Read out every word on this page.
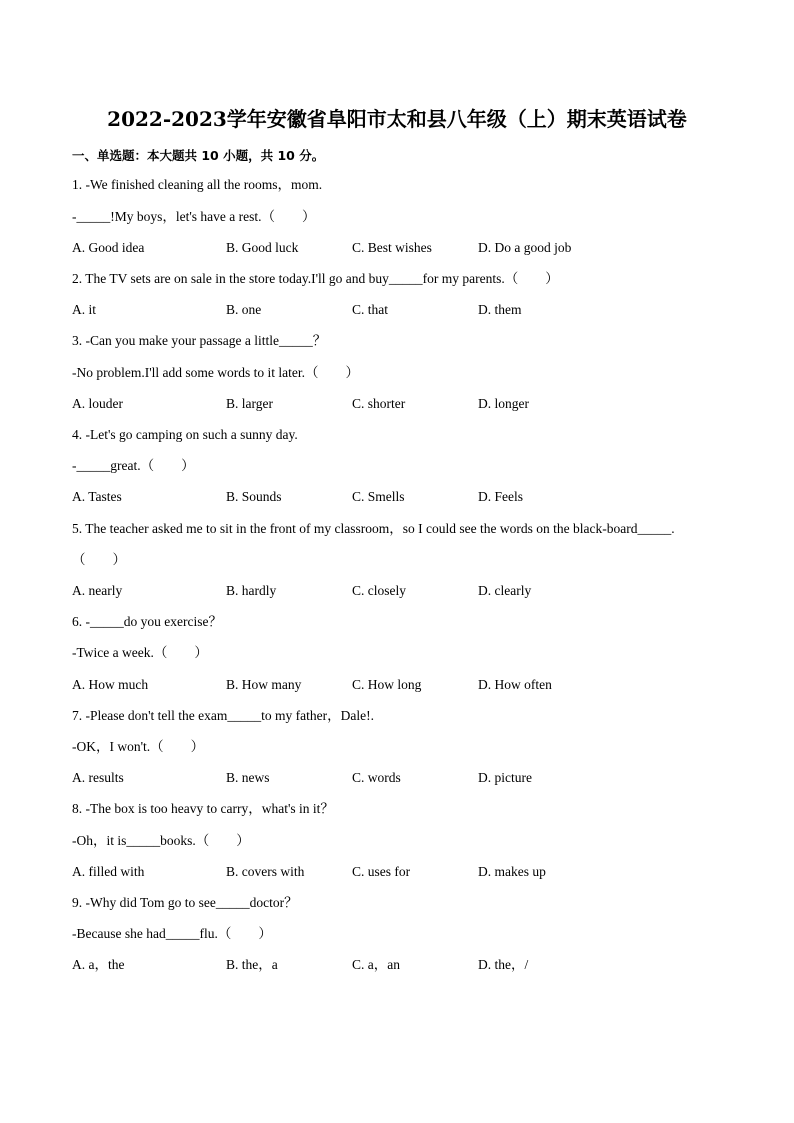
2022-2023学年安徽省阜阳市太和县八年级（上）期末英语试卷
一、单选题：本大题共 10 小题，共 10 分。
1. -We finished cleaning all the rooms，mom.
-_____!My boys，let's have a rest.（　　）
A. Good idea	B. Good luck	C. Best wishes	D. Do a good job
2. The TV sets are on sale in the store today.I'll go and buy_____for my parents.（　　）
A. it	B. one	C. that	D. them
3. -Can you make your passage a little_____？
-No problem.I'll add some words to it later.（　　）
A. louder	B. larger	C. shorter	D. longer
4. -Let's go camping on such a sunny day.
-_____great.（　　）
A. Tastes	B. Sounds	C. Smells	D. Feels
5. The teacher asked me to sit in the front of my classroom，so I could see the words on the black-board_____.
（　　）
A. nearly	B. hardly	C. closely	D. clearly
6. -_____do you exercise？
-Twice a week.（　　）
A. How much	B. How many	C. How long	D. How often
7. -Please don't tell the exam_____to my father，Dale!.
-OK，I won't.（　　）
A. results	B. news	C. words	D. picture
8. -The box is too heavy to carry，what's in it？
-Oh，it is_____books.（　　）
A. filled with	B. covers with	C. uses for	D. makes up
9. -Why did Tom go to see_____doctor？
-Because she had_____flu.（　　）
A. a，the	B. the，a	C. a，an	D. the，/
